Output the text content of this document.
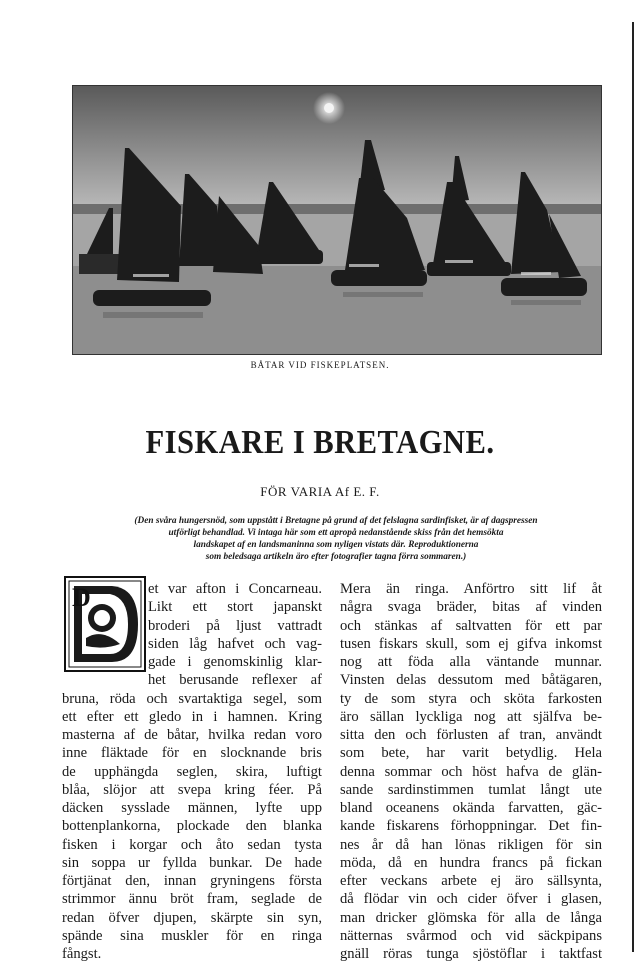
BÅTAR VID FISKEPLATSEN.
FISKARE I BRETAGNE.
FÖR VARIA Af E. F.
(Den svåra hungersnöd, som uppstått i Bretagne på grund af det felslagna sardinfisket, är af dagspressen
utförligt behandlad. Vi intaga här som ett apropå nedanstående skiss från det hemsökta
landskapet af en landsmaninna som nyligen vistats där. Reproduktionerna
som beledsaga artikeln äro efter fotografier tagna förra sommaren.)
D	et var afton i Concarneau.
Likt ett stort japanskt
broderi på ljust vattradt
siden låg hafvet och vag-
gade i genomskinlig klar-
het berusande reflexer af
bruna, röda och svartaktiga segel, som
ett efter ett gledo in i hamnen. Kring
masterna af de båtar, hvilka redan voro
inne fläktade för en slocknande bris
de upphängda seglen, skira, luftigt
blåa, slöjor att svepa kring féer. På
däcken sysslade männen, lyfte upp
bottenplankorna, plockade den blanka
fisken i korgar och åto sedan tysta
sin soppa ur fyllda bunkar. De hade
förtjänat den, innan gryningens första
strimmor ännu bröt fram, seglade de
redan öfver djupen, skärpte sin syn,
spände sina muskler för en ringa
fångst.
Mera än ringa. Anförtro sitt lif åt
några svaga bräder, bitas af vinden
och stänkas af saltvatten för ett par
tusen fiskars skull, som ej gifva inkomst
nog att föda alla väntande munnar.
Vinsten delas dessutom med båtägaren,
ty de som styra och sköta farkosten
äro sällan lyckliga nog att själfva be-
sitta den och förlusten af tran, användt
som bete, har varit betydlig. Hela
denna sommar och höst hafva de glän-
sande sardinstimmen tumlat långt ute
bland oceanens okända farvatten, gäc-
kande fiskarens förhoppningar. Det fin-
nes år då han lönas rikligen för sin
möda, då en hundra francs på fickan
efter veckans arbete ej äro sällsynta,
då flödar vin och cider öfver i glasen,
man dricker glömska för alla de långa
nätternas svårmod och vid säckpipans
gnäll röras tunga sjöstöflar i taktfast
